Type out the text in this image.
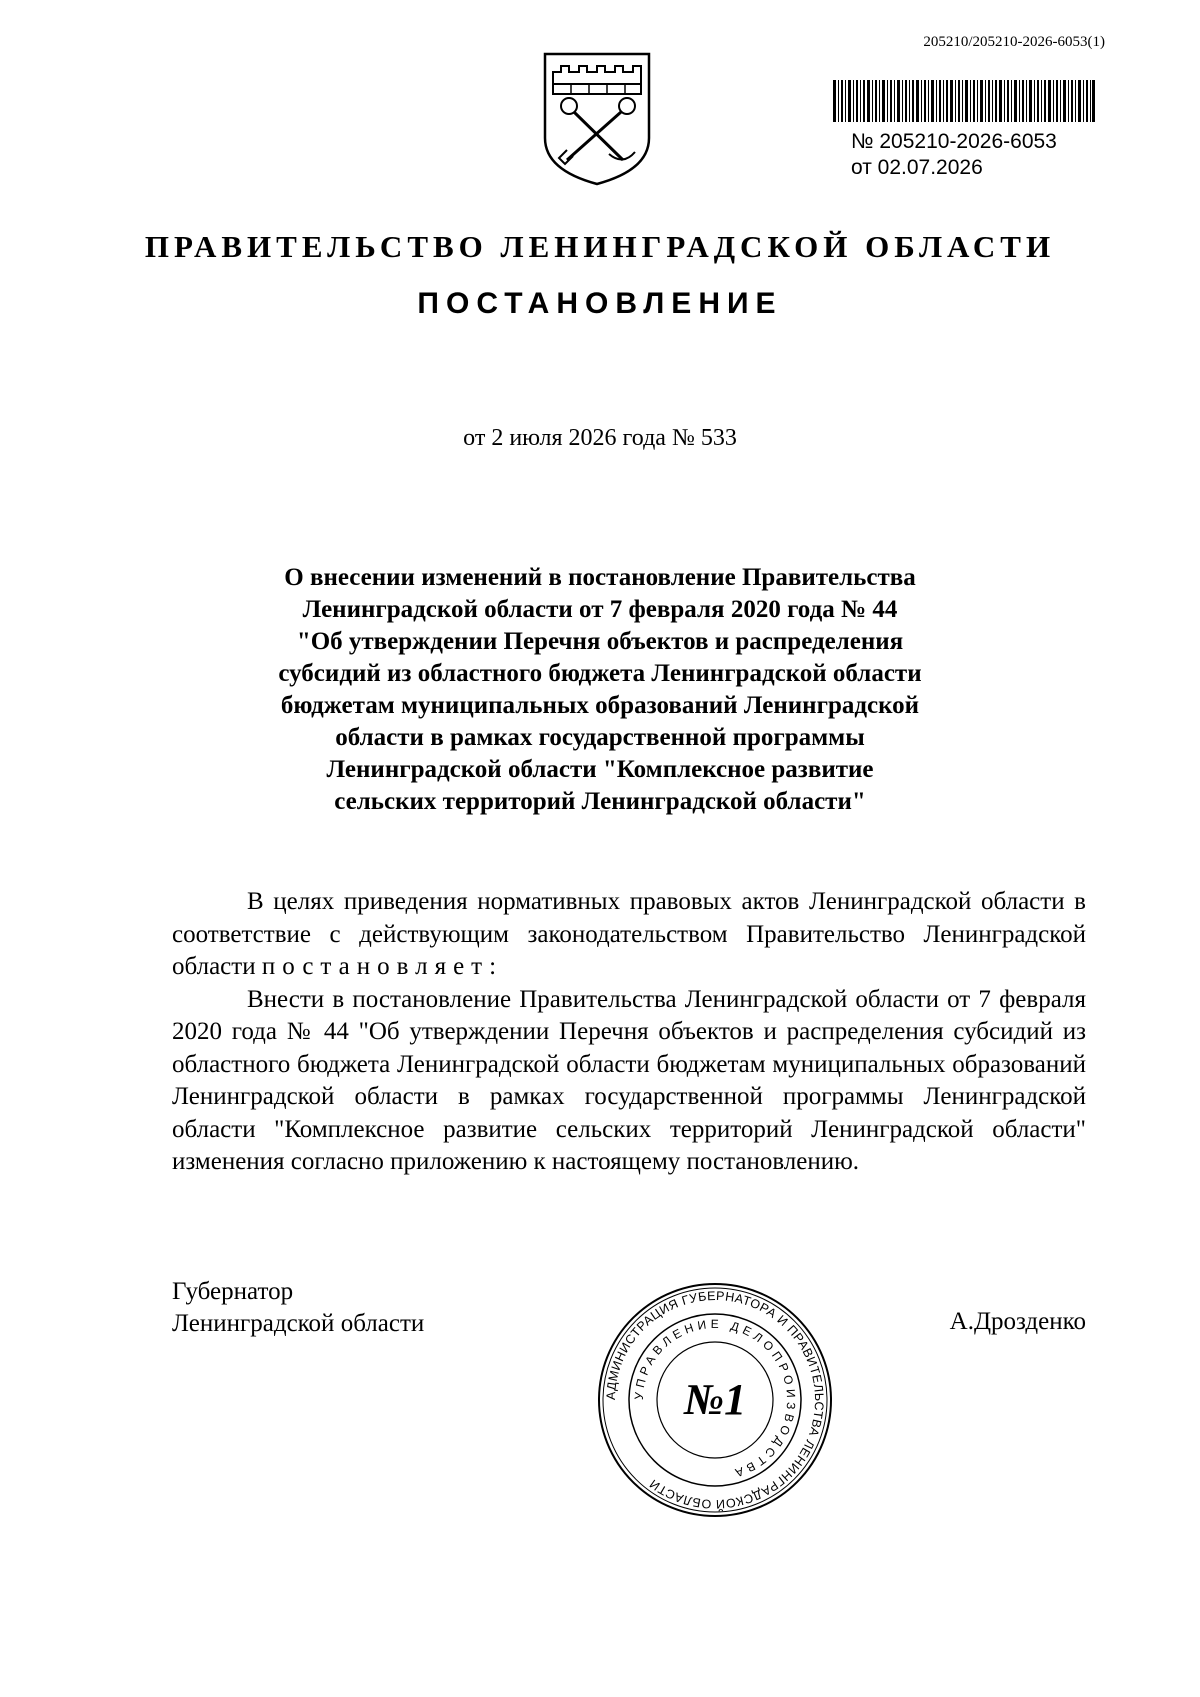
205210/205210-2026-6053(1)
№ 205210-2026-6053
от 02.07.2026
ПРАВИТЕЛЬСТВО ЛЕНИНГРАДСКОЙ ОБЛАСТИ
ПОСТАНОВЛЕНИЕ
от 2 июля 2026 года № 533
О внесении изменений в постановление Правительства
Ленинградской области от 7 февраля 2020 года № 44
"Об утверждении Перечня объектов и распределения
субсидий из областного бюджета Ленинградской области
бюджетам муниципальных образований Ленинградской
области в рамках государственной программы
Ленинградской области "Комплексное развитие
сельских территорий Ленинградской области"

В целях приведения нормативных правовых актов Ленинградской области в соответствие с действующим законодательством Правительство Ленинградской области постановляет:

Внести в постановление Правительства Ленинградской области от 7 февраля 2020 года № 44 "Об утверждении Перечня объектов и распределения субсидий из областного бюджета Ленинградской области бюджетам муниципальных образований Ленинградской области в рамках государственной программы Ленинградской области "Комплексное развитие сельских территорий Ленинградской области" изменения согласно приложению к настоящему постановлению.

Губернатор
Ленинградской области	А.Дрозденко
АДМИНИСТРАЦИЯ ГУБЕРНАТОРА И ПРАВИТЕЛЬСТВА ЛЕНИНГРАДСКОЙ ОБЛАСТИ
УПРАВЛЕНИЕ ДЕЛОПРОИЗВОДСТВА
№1
